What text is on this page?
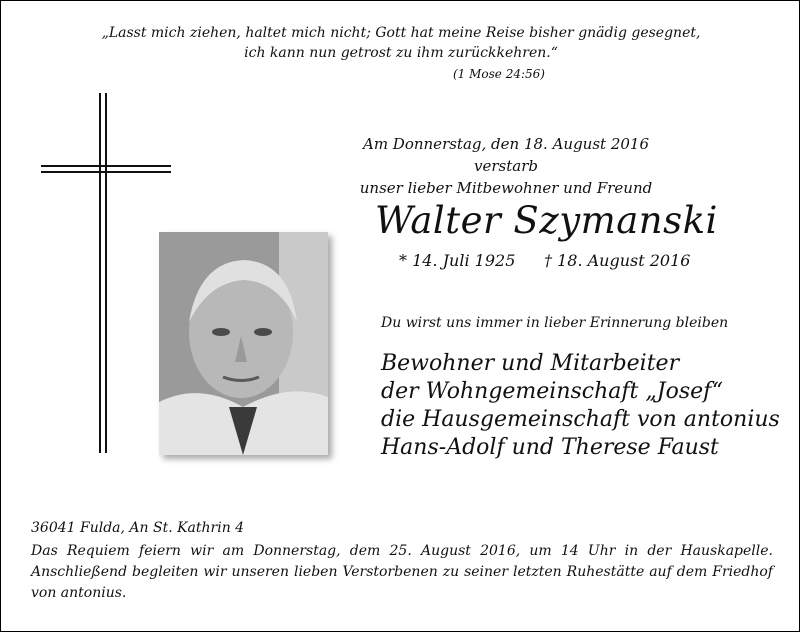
„Lasst mich ziehen, haltet mich nicht; Gott hat meine Reise bisher gnädig gesegnet,
ich kann nun getrost zu ihm zurückkehren.“
(1 Mose 24:56)
Am Donnerstag, den 18. August 2016 verstarb
unser lieber Mitbewohner und Freund
Walter Szymanski
* 14. Juli 1925 † 18. August 2016
Du wirst uns immer in lieber Erinnerung bleiben
Bewohner und Mitarbeiter
der Wohngemeinschaft „Josef“
die Hausgemeinschaft von antonius
Hans-Adolf und Therese Faust
36041 Fulda, An St. Kathrin 4
Das Requiem feiern wir am Donnerstag, dem 25. August 2016, um 14 Uhr in der Hauskapelle. Anschließend begleiten wir unseren lieben Verstorbenen zu seiner letzten Ruhestätte auf dem Friedhof von antonius.
